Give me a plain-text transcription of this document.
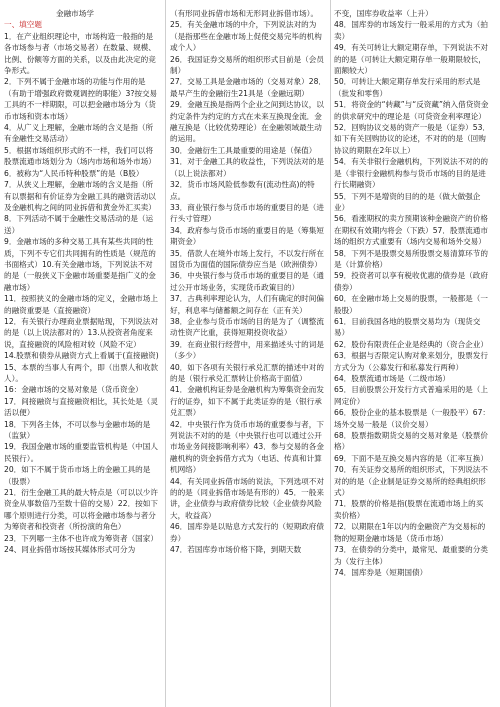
金融市场学
一、填空题

1．在产业组织理论中，市场构造一般指的是各市场参与者（市场交易者）在数量、规模、比例、份额等方面的关系，以及由此决定的竞争形式。

2．下列不属于金融市场的功能与作用的是（有助于增强政府微观调控的职能）3?按交易工具的不一样期限，可以把金融市场分为（货币市场和资本市场）

4．从广义上理解，金融市场的含义是指（所有金融性交易活动）

5．根据市场组织形式的不一样，我们可以将股票流通市场划分为（场内市场和场外市场）

6．被称为“人民币特种股票”的是（B股）

7．从狭义上理解，金融市场的含义是指（所有以票据和有价证券为金融工具的融资活动以及金融机构之间的同业拆借和黄金外汇买卖）

8．下列活动不属于金融性交易活动的是（运送）

9．金融市场的多种交易工具有某些共同的性质，下列不专它们共同拥有的性质是（规范的书面格式）10.有关金融市场，下列说法不对的是（一般狭义下金融市场重要是指广义的金融市场）

11．按照狭义的金融市场的定义，金融市场上的融资重要是（直接融资）

12．有关银行办理商业票据贴现，下列说法对的是（以上说法都对的）13.从投资者角度来说，直接融资的风险相对较（风险不定）

14.股票和债券从融资方式上看属于(直接融资)

15、本票的当事人有两个，即（出票人和收款人）。

16：金融市场的交易对象是（货币资金）

17．间接融资与直接融资相比，其长处是（灵活以便）

18．下列各主体，不可以参与金融市场的是（监狱）

19．我国金融市场的重要监管机构是（中国人民银行）。

20．如下不属于货币市场上的金融工具的是（股票）

21．衍生金融工具的最大特点是（可以以少许资金从事数倍乃至数十倍的交易）22．按如下哪个原则进行分类，可以将金融市场参与者分为筹资者和投资者（所扮演的角色）

23．下列哪一主体不也许成为筹资者（国家）

24、同业拆借市场按其媒体形式可分为

（有形同业拆借市场和无形同业拆借市场）。

25．有关金融市场的中介，下列说法对的为（是指那些在金融市场上促使交易完毕的机构或个人）

26．我国证券交易所的组织形式目前是（会员制）

27．交易工具是金融市场的（交易对象）28．最早产生的金融衍生21具是（金融远期）

29．金融互换是指两个企业之间到达协议，以约定条件为约定的方式在未来互换现金流．金融互换是（比较优势理论）在金融领域最生动的运用。

30．金融衍生工具最重要的用途是（保值）

31．对于金融工具的收益性，下列说法对的是（以上说法都对）

32．货币市场风险低参数有(流动性高)的特点。

33．商业银行参与货币市场的重要目的是（进行头寸管理）

34．政府参与货币市场的重要目的是（筹集短期资金）

35．借款人在境外市场上发行，不以发行所在国货币为面值的国际债券应当是（欧洲债券）

36．中央银行参与货币市场的重要目的是（通过公开市场业务，实现货币政策目的）

37．古典利率理论认为，人们有确定的时间偏好，利息率与储蓄额之间存在（正有关）

38．企业参与货币市场的目的是为了（调整流动性资产比重，获得短期投资收益）

39．在商业银行经营中，用来描述头寸的词是（多少）

40．如下各项有关银行承兑汇票的描述中对的的是（银行承兑汇票转让价格高于面值）

41．金融机构证券是金融机构为筹集资金而发行的证券，如下不属于此类证券的是（银行承兑汇票）

42．中央银行作为货币市场的重要参与者，下列说法不对的的是（中央银行也可以通过公开市场业务间接影响利率）43．参与交易的各金融机构的资金拆借方式为（电话、传真和计算机网络）

44．有关同业拆借市场的说法，下列选项不对的的是（同业拆借市场是有形的）45．一般来讲，企业债券与政府债券比较（企业债券风险大，收益高）

46．国库券是以贴息方式发行的（短期政府债券）

47．若国库券市场价格下降，到期天数

不变，国库券收益率（上升）

48．国库券的市场发行一般采用的方式为（拍卖）

49．有关可转让大额定期存单，下列说法不对的的是（可转让大额定期存单一般期限较长，面额较大）

50．可转让大额定期存单发行采用的形式是（批发和零售）

51．将资金的“转藏”与“反资藏”纳入借贷资金的供求研究中的理论是（可贷资金利率理论）

52．回购协议交易的资产一般是（证券）53．如下有关回购协议的论述，不对的的是（回购协议的期限在2年以上）

54．有关非银行金融机构，下列说法不对的的是（非银行金融机构参与货币市场的目的是进行长期融资）

55．下列不是增资的目的的是（做大做强企业）

56．看涨期权的卖方预期该种金融资产的价格在期权有效期内将会（下跌）57．股票流通市场的组织方式重要有（场内交易和场外交易）

58．下列不是股票交易所股票交易清算环节的是（计算价格）

59．投资者可以享有税收优惠的债券是（政府债券）

60．在金融市场上交易的股票，一般都是（一般股）

61．目前我国各地的股票交易均为（现货交易）

62．股份有限责任企业是经典的（资合企业）

63．根据与否限定认购对象来划分，股票发行方式分为（公募发行和私募发行两种）

64．股票流通市场是（二级市场）

65．目前股票公开发行方式普遍采用的是（上网定价）

66．股份企业的基本股票是（一般股平）67：场外交易一般是（议价交易）

68．股票指数期货交易的交易对象是（股票价格）

69．下面不是互换交易内容的是（汇率互换）

70．有关证券交易所的组织形式，下列说法不对的的是（企业制是证券交易所的经典组织形式）

71．股票的价格是指(股票在流通市场上的买卖价格）

72．以期限在1年以内的金融资产为交易标的物的短期金融市场是（货币市场）

73．在债券的分类中，最常见、最重要的分类为（发行主体）

74．国库券是（短期国债）
